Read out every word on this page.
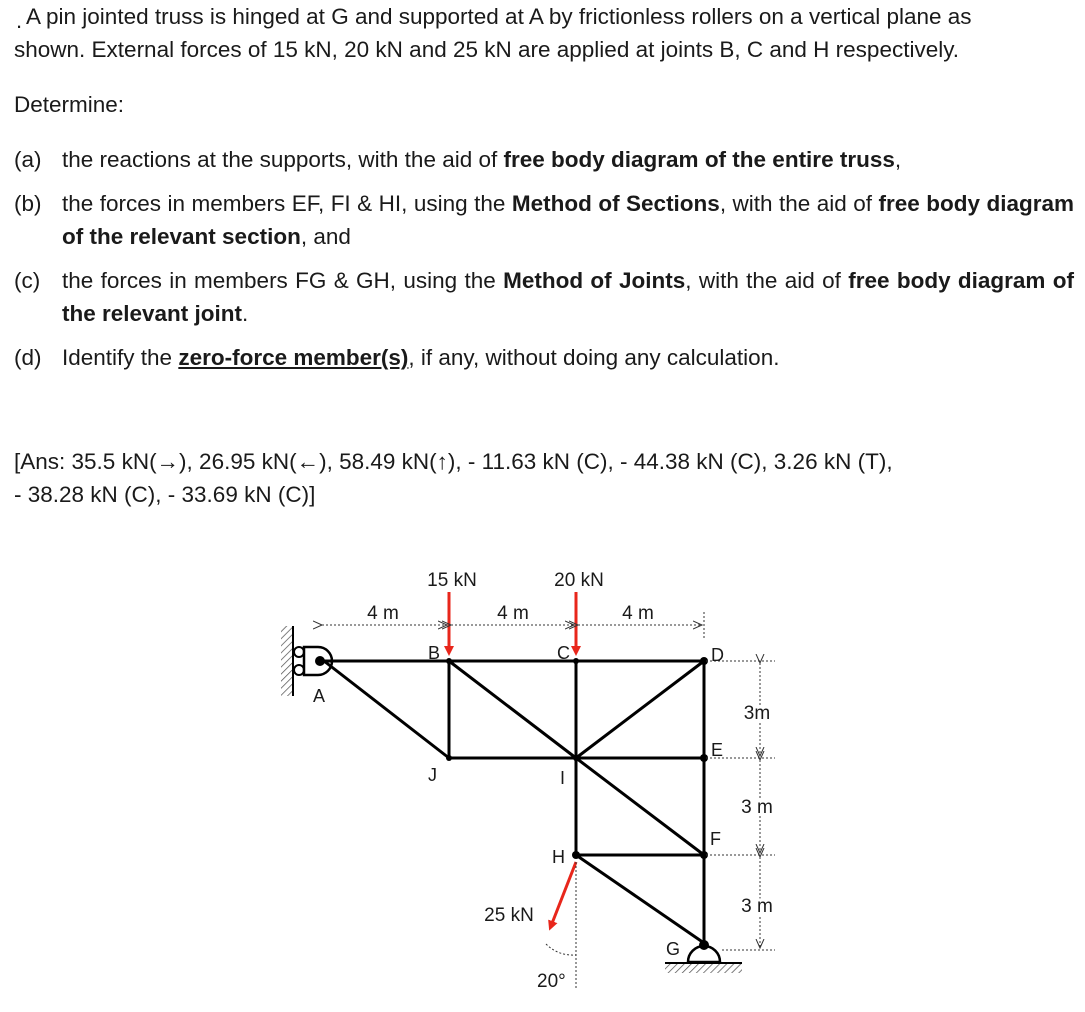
. A pin jointed truss is hinged at G and supported at A by frictionless rollers on a vertical plane as
shown. External forces of 15 kN, 20 kN and 25 kN are applied at joints B, C and H respectively.
Determine:
(a) the reactions at the supports, with the aid of free body diagram of the entire truss,
(b) the forces in members EF, FI & HI, using the Method of Sections, with the aid of free body diagram of the relevant section, and
(c) the forces in members FG & GH, using the Method of Joints, with the aid of free body diagram of the relevant joint.
(d) Identify the zero-force member(s), if any, without doing any calculation.
[Ans: 35.5 kN(→), 26.95 kN(←), 58.49 kN(↑), - 11.63 kN (C), - 44.38 kN (C), 3.26 kN (T),
- 38.28 kN (C), - 33.69 kN (C)]
15 kN	20 kN
25 kN
20°
4 m	4 m	4 m
3m
3 m
3 m
A
B	C	D
E
F
G
H
I
J
